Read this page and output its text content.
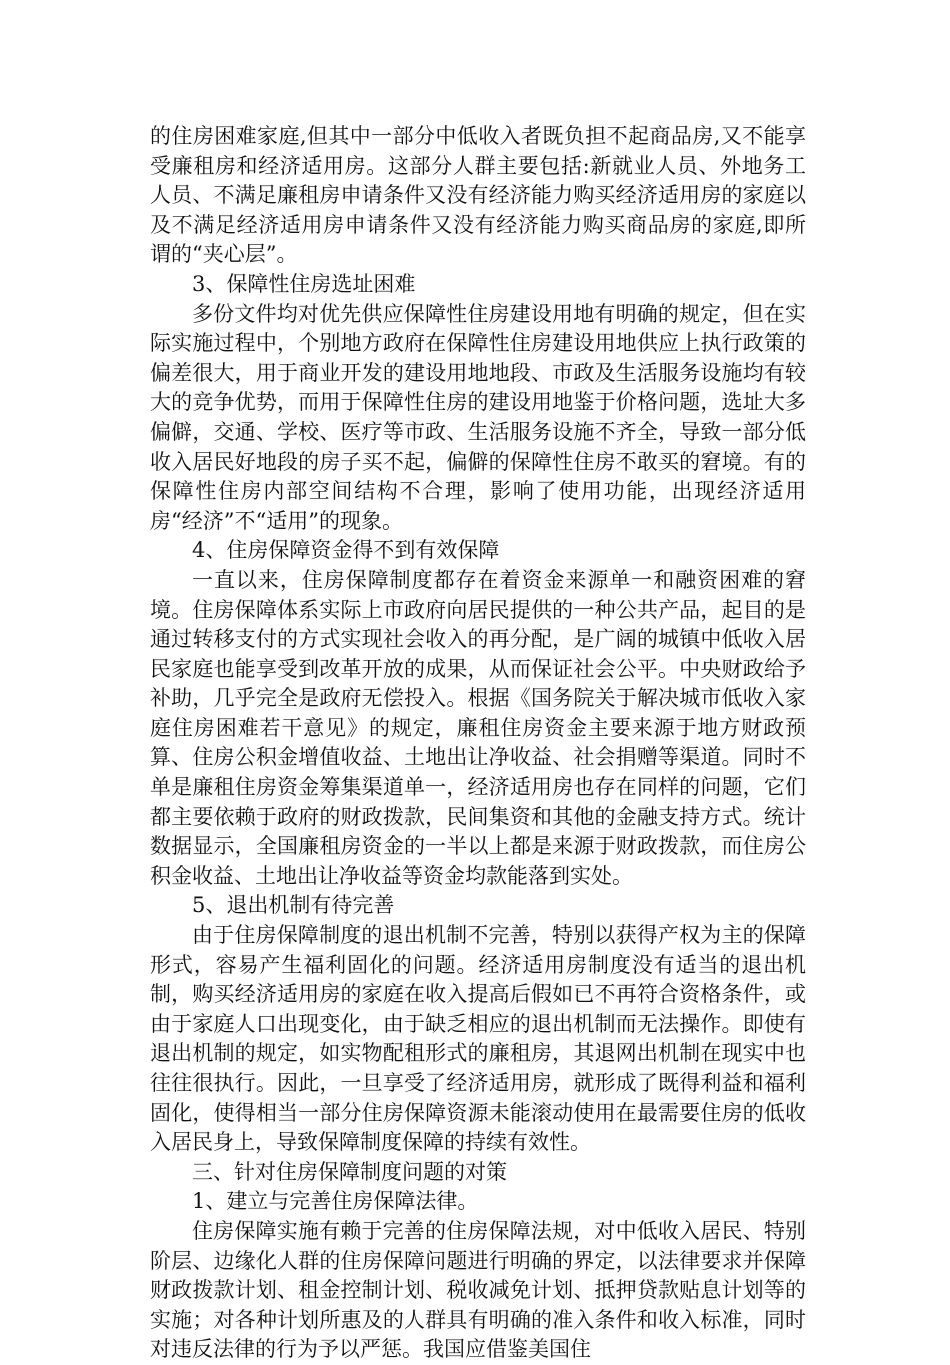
的住房困难家庭,但其中一部分中低收入者既负担不起商品房,又不能享受廉租房和经济适用房。这部分人群主要包括:新就业人员、外地务工人员、不满足廉租房申请条件又没有经济能力购买经济适用房的家庭以及不满足经济适用房申请条件又没有经济能力购买商品房的家庭,即所谓的“夹心层”。

3、保障性住房选址困难

多份文件均对优先供应保障性住房建设用地有明确的规定，但在实际实施过程中，个别地方政府在保障性住房建设用地供应上执行政策的偏差很大，用于商业开发的建设用地地段、市政及生活服务设施均有较大的竞争优势，而用于保障性住房的建设用地鉴于价格问题，选址大多偏僻，交通、学校、医疗等市政、生活服务设施不齐全，导致一部分低收入居民好地段的房子买不起，偏僻的保障性住房不敢买的窘境。有的保障性住房内部空间结构不合理，影响了使用功能，出现经济适用房“经济”不“适用”的现象。

4、住房保障资金得不到有效保障

一直以来，住房保障制度都存在着资金来源单一和融资困难的窘境。住房保障体系实际上市政府向居民提供的一种公共产品，起目的是通过转移支付的方式实现社会收入的再分配，是广阔的城镇中低收入居民家庭也能享受到改革开放的成果，从而保证社会公平。中央财政给予补助，几乎完全是政府无偿投入。根据《国务院关于解决城市低收入家庭住房困难若干意见》的规定，廉租住房资金主要来源于地方财政预算、住房公积金增值收益、土地出让净收益、社会捐赠等渠道。同时不单是廉租住房资金筹集渠道单一，经济适用房也存在同样的问题，它们都主要依赖于政府的财政拨款，民间集资和其他的金融支持方式。统计数据显示，全国廉租房资金的一半以上都是来源于财政拨款，而住房公积金收益、土地出让净收益等资金均款能落到实处。

5、退出机制有待完善

由于住房保障制度的退出机制不完善，特别以获得产权为主的保障形式，容易产生福利固化的问题。经济适用房制度没有适当的退出机制，购买经济适用房的家庭在收入提高后假如已不再符合资格条件，或由于家庭人口出现变化，由于缺乏相应的退出机制而无法操作。即使有退出机制的规定，如实物配租形式的廉租房，其退网出机制在现实中也往往很执行。因此，一旦享受了经济适用房，就形成了既得利益和福利固化，使得相当一部分住房保障资源未能滚动使用在最需要住房的低收入居民身上，导致保障制度保障的持续有效性。

三、针对住房保障制度问题的对策

1、建立与完善住房保障法律。

住房保障实施有赖于完善的住房保障法规，对中低收入居民、特别阶层、边缘化人群的住房保障问题进行明确的界定，以法律要求并保障财政拨款计划、租金控制计划、税收减免计划、抵押贷款贴息计划等的实施；对各种计划所惠及的人群具有明确的准入条件和收入标准，同时对违反法律的行为予以严惩。我国应借鉴美国住
